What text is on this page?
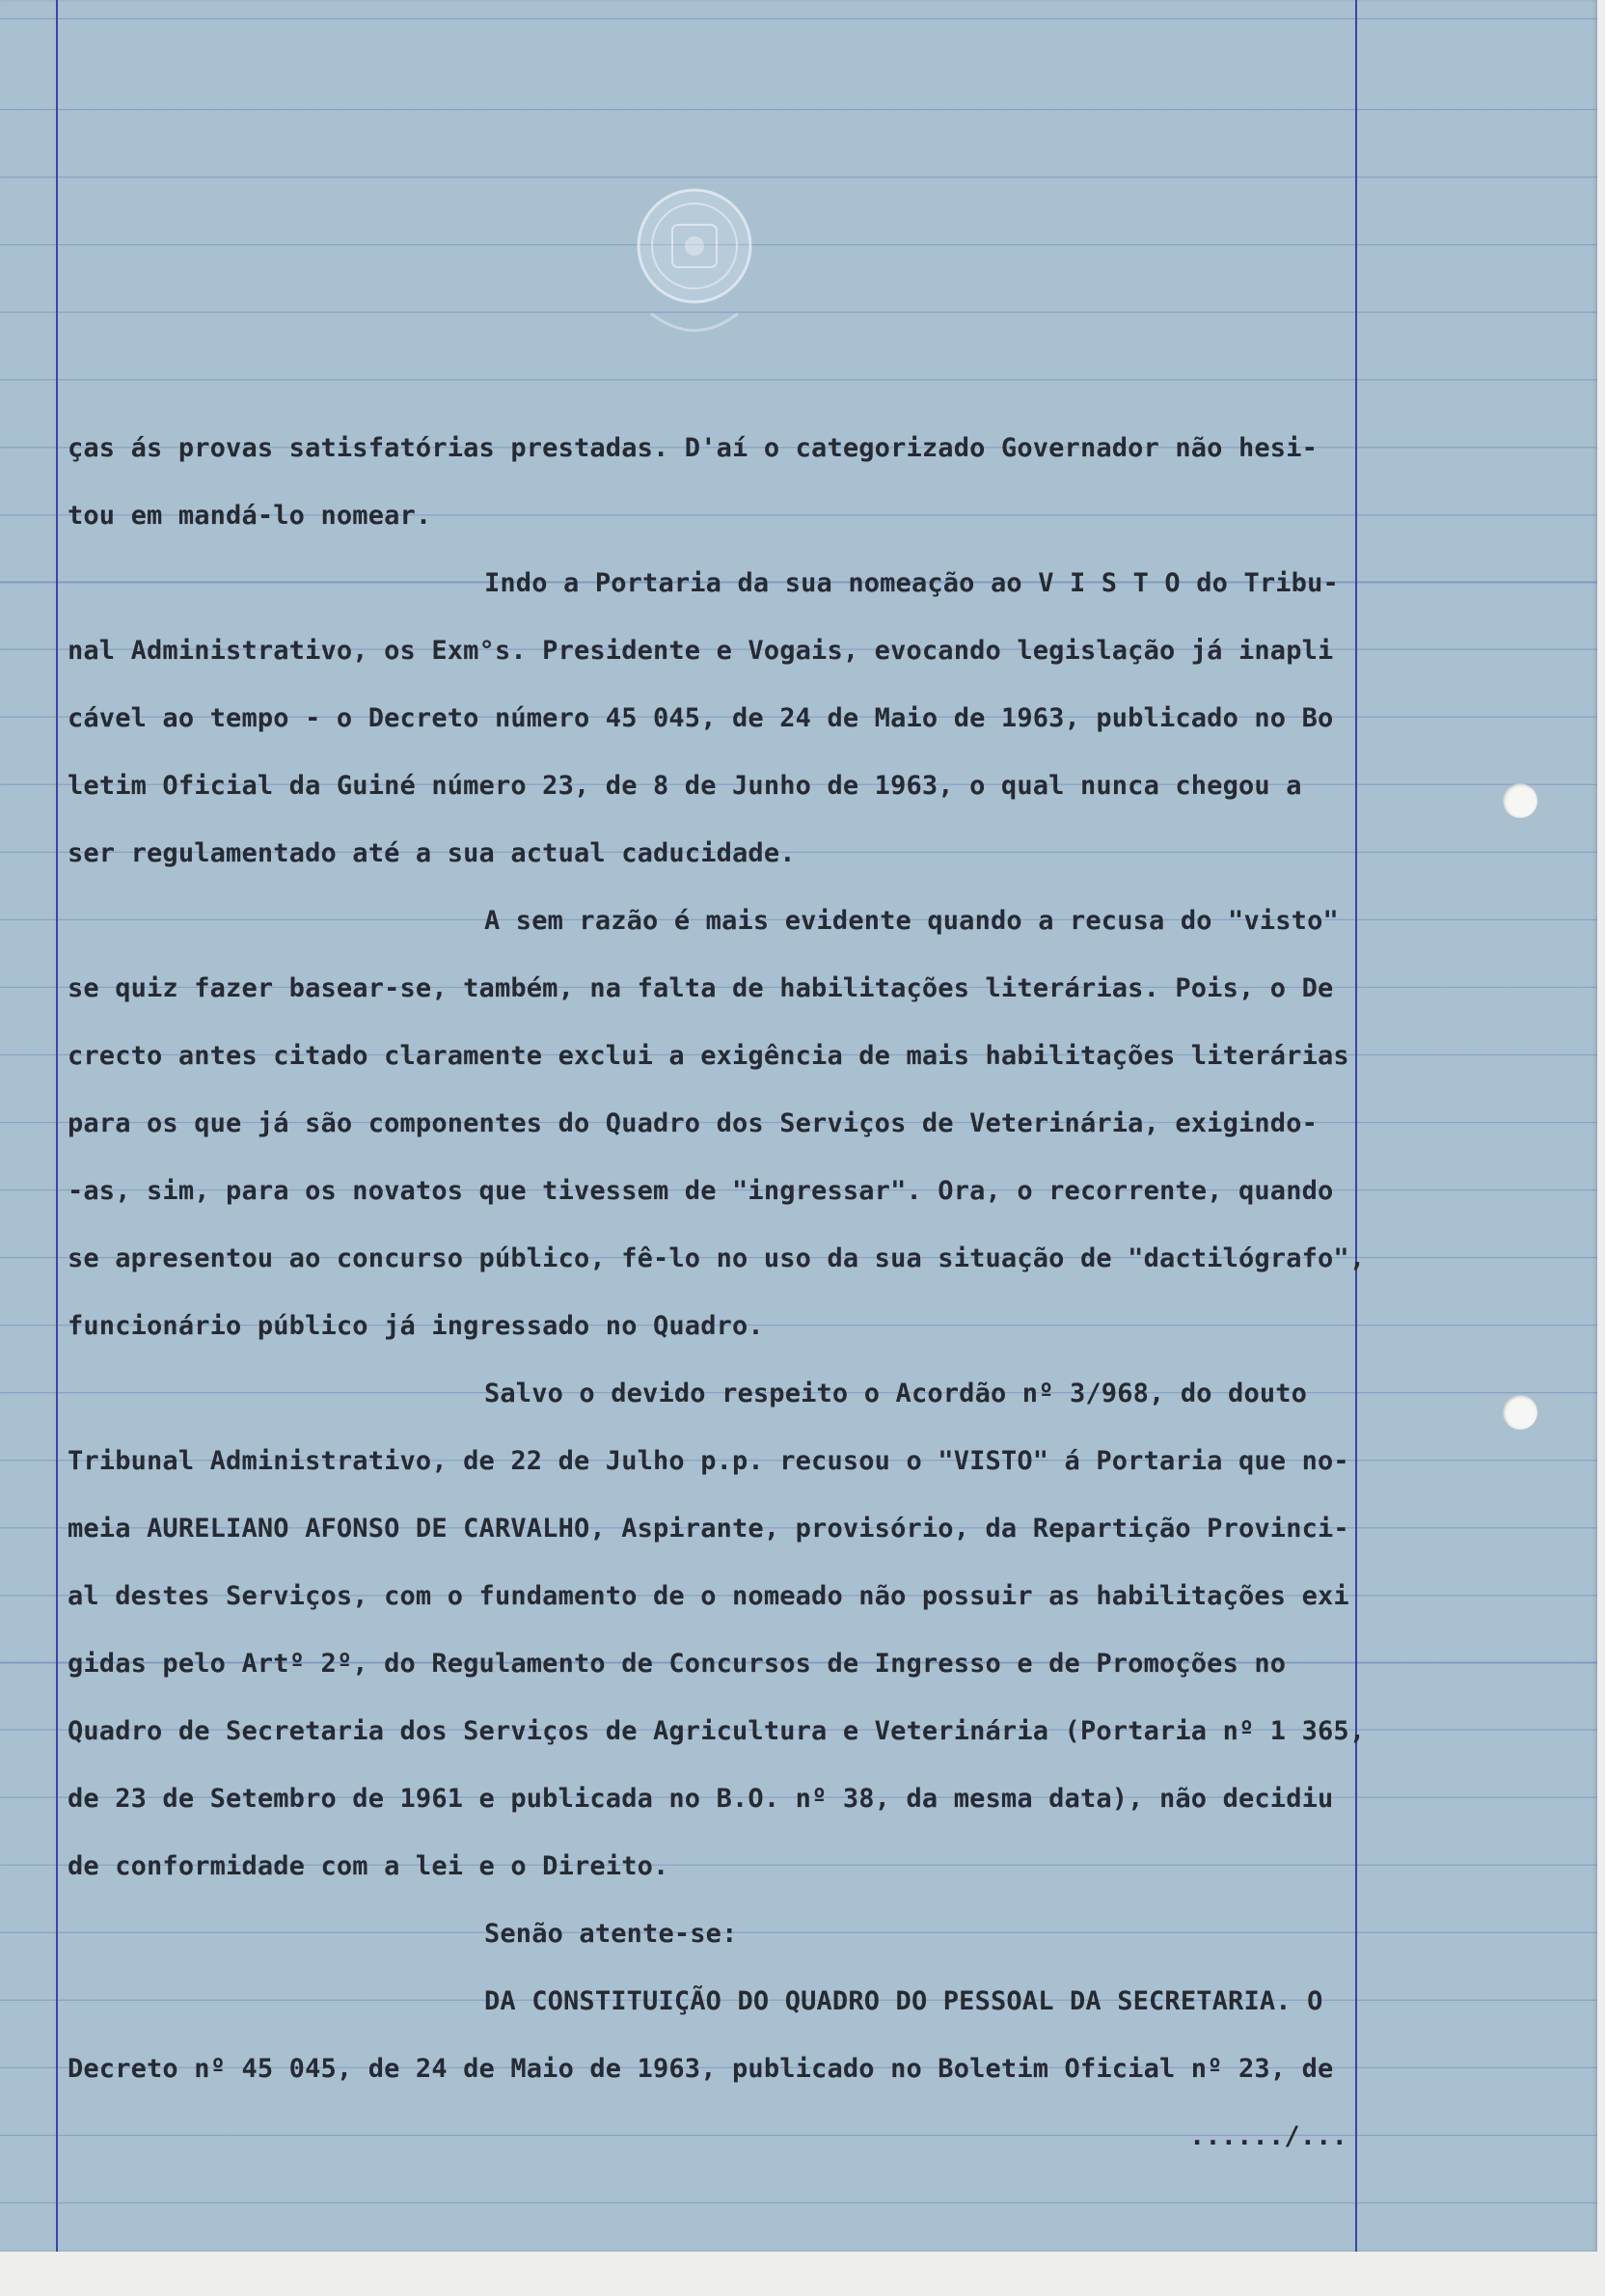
ças ás provas satisfatórias prestadas. D'aí o categorizado Governador não hesi-
tou em mandá-lo nomear.
Indo a Portaria da sua nomeação ao V I S T O do Tribu-
nal Administrativo, os Exm°s. Presidente e Vogais, evocando legislação já inapli
cável ao tempo - o Decreto número 45 045, de 24 de Maio de 1963, publicado no Bo
letim Oficial da Guiné número 23, de 8 de Junho de 1963, o qual nunca chegou a
ser regulamentado até a sua actual caducidade.
A sem razão é mais evidente quando a recusa do "visto"
se quiz fazer basear-se, também, na falta de habilitações literárias. Pois, o De
crecto antes citado claramente exclui a exigência de mais habilitações literárias
para os que já são componentes do Quadro dos Serviços de Veterinária, exigindo-
-as, sim, para os novatos que tivessem de "ingressar". Ora, o recorrente, quando
se apresentou ao concurso público, fê-lo no uso da sua situação de "dactilógrafo",
funcionário público já ingressado no Quadro.
Salvo o devido respeito o Acordão nº 3/968, do douto
Tribunal Administrativo, de 22 de Julho p.p. recusou o "VISTO" á Portaria que no-
meia AURELIANO AFONSO DE CARVALHO, Aspirante, provisório, da Repartição Provinci-
al destes Serviços, com o fundamento de o nomeado não possuir as habilitações exi
gidas pelo Artº 2º, do Regulamento de Concursos de Ingresso e de Promoções no
Quadro de Secretaria dos Serviços de Agricultura e Veterinária (Portaria nº 1 365,
de 23 de Setembro de 1961 e publicada no B.O. nº 38, da mesma data), não decidiu
de conformidade com a lei e o Direito.
Senão atente-se:
DA CONSTITUIÇÃO DO QUADRO DO PESSOAL DA SECRETARIA. O
Decreto nº 45 045, de 24 de Maio de 1963, publicado no Boletim Oficial nº 23, de
....../...
